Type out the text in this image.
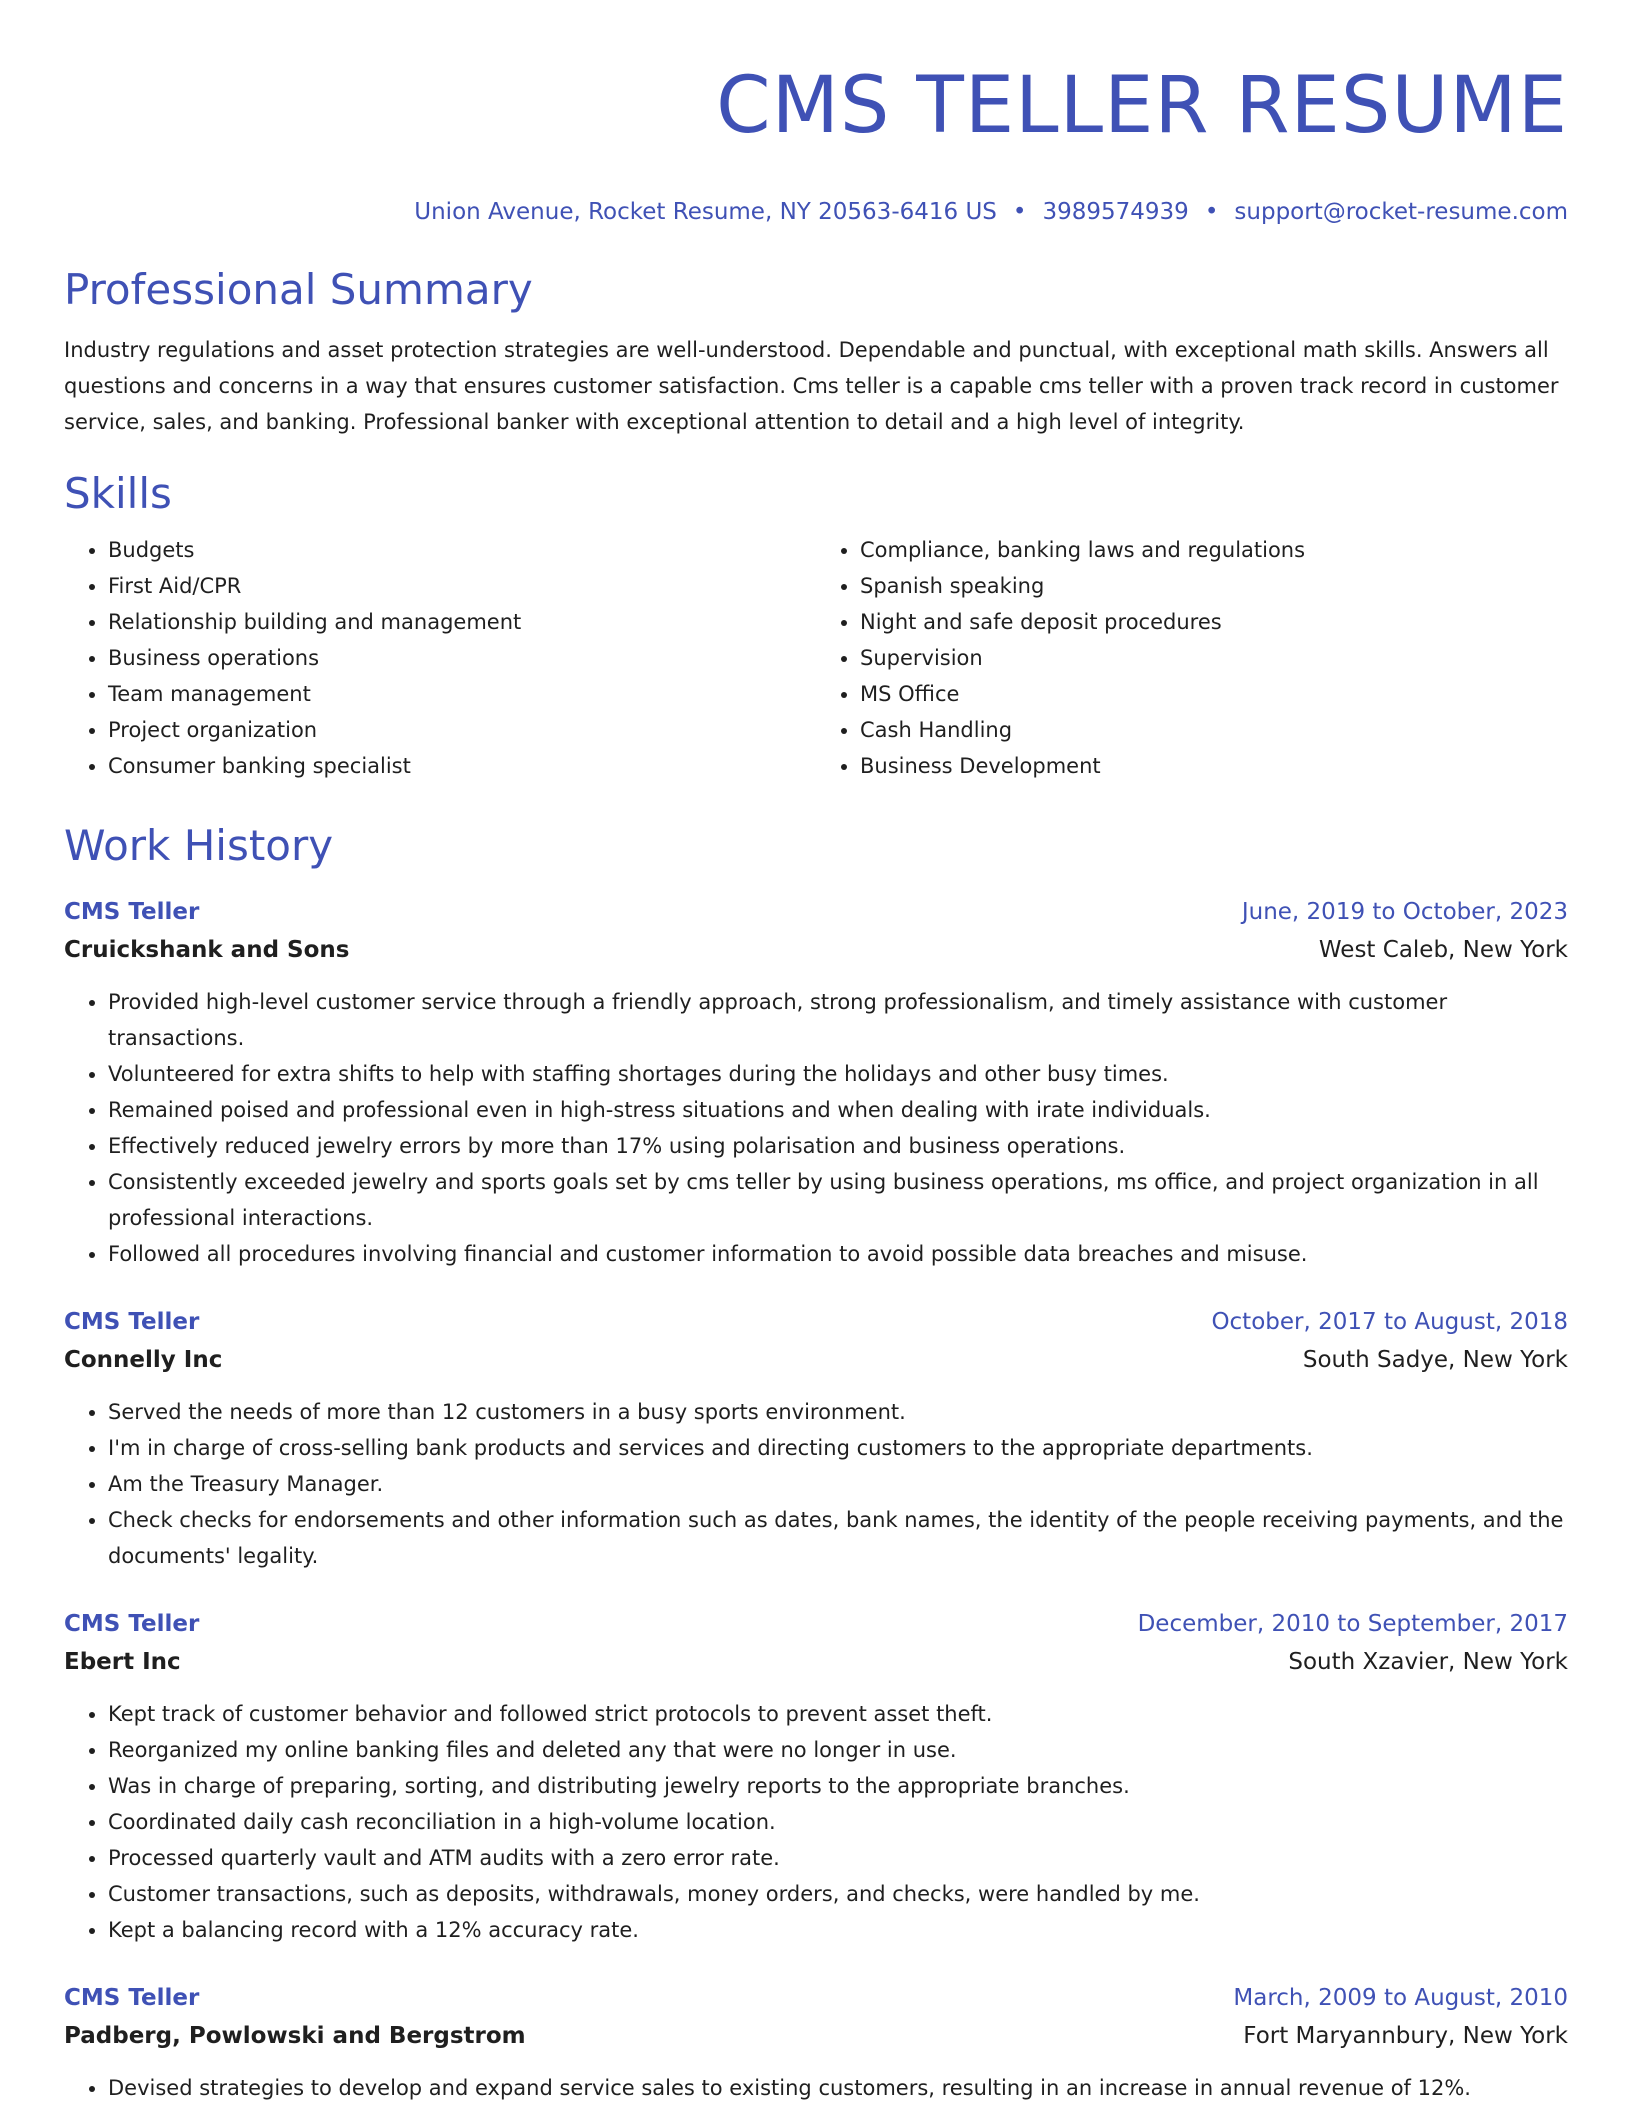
CMS TELLER RESUME
Union Avenue, Rocket Resume, NY 20563-6416 US • 3989574939 • support@rocket-resume.com
Professional Summary
Industry regulations and asset protection strategies are well-understood. Dependable and punctual, with exceptional math skills. Answers all questions and concerns in a way that ensures customer satisfaction. Cms teller is a capable cms teller with a proven track record in customer service, sales, and banking. Professional banker with exceptional attention to detail and a high level of integrity.
Skills
• Budgets
• First Aid/CPR
• Relationship building and management
• Business operations
• Team management
• Project organization
• Consumer banking specialist
• Compliance, banking laws and regulations
• Spanish speaking
• Night and safe deposit procedures
• Supervision
• MS Office
• Cash Handling
• Business Development
Work History
CMS Teller	June, 2019 to October, 2023
Cruickshank and Sons	West Caleb, New York
• Provided high-level customer service through a friendly approach, strong professionalism, and timely assistance with customer transactions.
• Volunteered for extra shifts to help with staffing shortages during the holidays and other busy times.
• Remained poised and professional even in high-stress situations and when dealing with irate individuals.
• Effectively reduced jewelry errors by more than 17% using polarisation and business operations.
• Consistently exceeded jewelry and sports goals set by cms teller by using business operations, ms office, and project organization in all professional interactions.
• Followed all procedures involving financial and customer information to avoid possible data breaches and misuse.
CMS Teller	October, 2017 to August, 2018
Connelly Inc	South Sadye, New York
• Served the needs of more than 12 customers in a busy sports environment.
• I'm in charge of cross-selling bank products and services and directing customers to the appropriate departments.
• Am the Treasury Manager.
• Check checks for endorsements and other information such as dates, bank names, the identity of the people receiving payments, and the documents' legality.
CMS Teller	December, 2010 to September, 2017
Ebert Inc	South Xzavier, New York
• Kept track of customer behavior and followed strict protocols to prevent asset theft.
• Reorganized my online banking files and deleted any that were no longer in use.
• Was in charge of preparing, sorting, and distributing jewelry reports to the appropriate branches.
• Coordinated daily cash reconciliation in a high-volume location.
• Processed quarterly vault and ATM audits with a zero error rate.
• Customer transactions, such as deposits, withdrawals, money orders, and checks, were handled by me.
• Kept a balancing record with a 12% accuracy rate.
CMS Teller	March, 2009 to August, 2010
Padberg, Powlowski and Bergstrom	Fort Maryannbury, New York
• Devised strategies to develop and expand service sales to existing customers, resulting in an increase in annual revenue of 12%.
